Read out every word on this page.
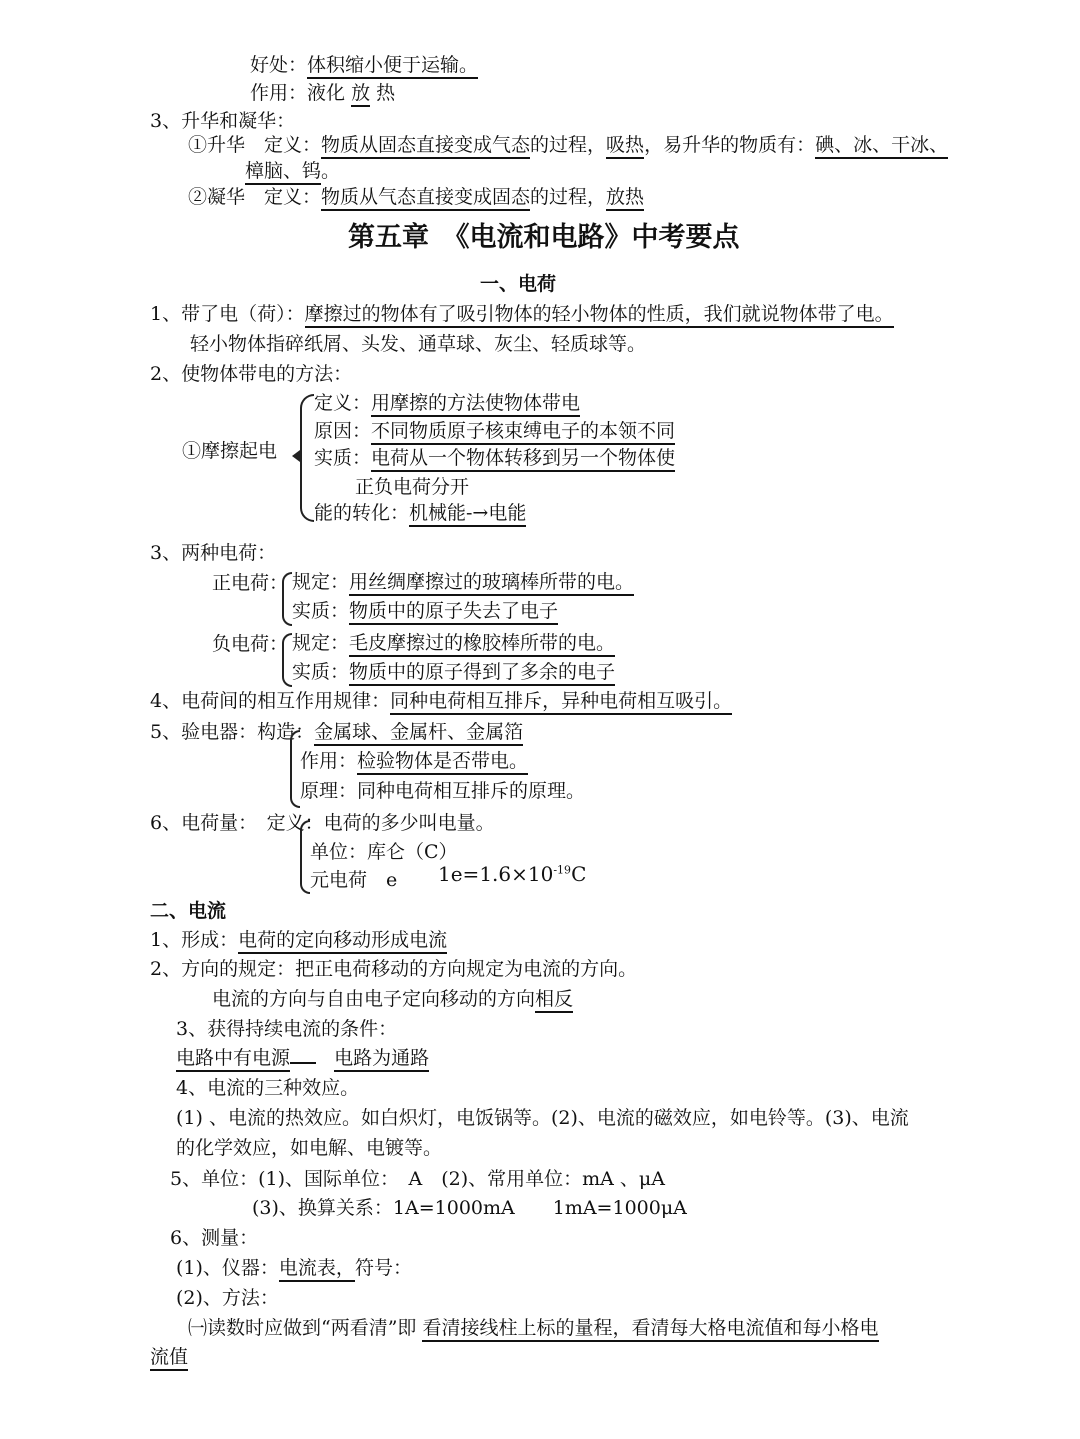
好处：体积缩小便于运输。
作用：液化 放 热
3、升华和凝华：
①升华　定义：物质从固态直接变成气态的过程，吸热，易升华的物质有：碘、冰、干冰、
樟脑、钨。
②凝华　定义：物质从气态直接变成固态的过程，放热
第五章　《电流和电路》中考要点
一、电荷
1、带了电（荷）：摩擦过的物体有了吸引物体的轻小物体的性质，我们就说物体带了电。
轻小物体指碎纸屑、头发、通草球、灰尘、轻质球等。
2、使物体带电的方法：
①摩擦起电
定义：用摩擦的方法使物体带电
原因：不同物质原子核束缚电子的本领不同
实质：电荷从一个物体转移到另一个物体使
正负电荷分开
能的转化：机械能-→电能
3、两种电荷：
正电荷： 规定：用丝绸摩擦过的玻璃棒所带的电。
实质：物质中的原子失去了电子
负电荷： 规定：毛皮摩擦过的橡胶棒所带的电。
实质：物质中的原子得到了多余的电子
4、电荷间的相互作用规律：同种电荷相互排斥，异种电荷相互吸引。
5、验电器：构造：金属球、金属杆、金属箔
作用：检验物体是否带电。
原理：同种电荷相互排斥的原理。
6、电荷量：　定义：电荷的多少叫电量。
单位：库仑（C）
元电荷　e $1e=1.6\times 10^{-19}C$
二、电流
1、形成：电荷的定向移动形成电流
2、方向的规定：把正电荷移动的方向规定为电流的方向。
电流的方向与自由电子定向移动的方向相反
3、获得持续电流的条件：
电路中有电源 电路为通路
4、电流的三种效应。
(1) 、电流的热效应。如白炽灯，电饭锅等。(2)、电流的磁效应，如电铃等。(3)、电流
的化学效应，如电解、电镀等。
5、单位：(1)、国际单位：　A　(2)、常用单位：mA 、μA
(3)、换算关系：1A=1000mA　　1mA=1000μA
6、测量：
(1)、仪器：电流表，符号：
(2)、方法：
㈠读数时应做到“两看清”即 看清接线柱上标的量程，看清每大格电流值和每小格电
流值
